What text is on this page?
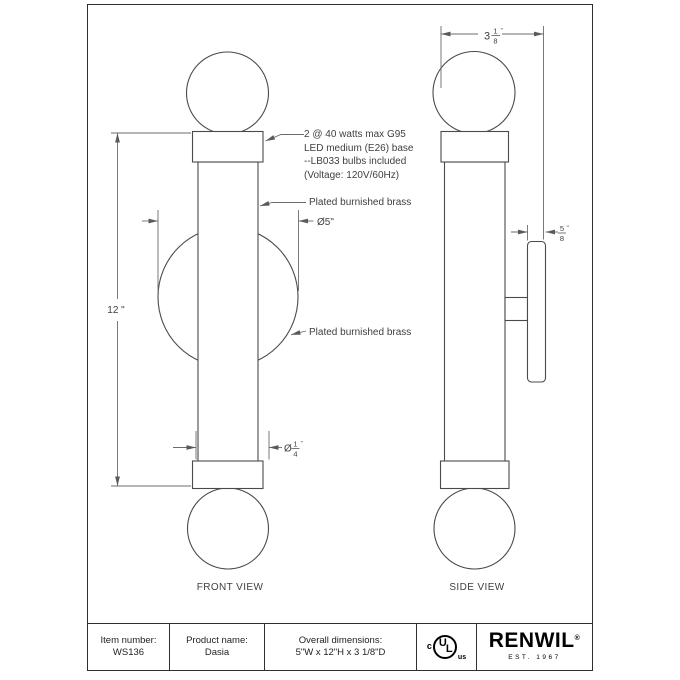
12 "
Ø5"
Ø 1 "
4
3 1 "
8
5 "
8
FRONT VIEW	SIDE VIEW
2 @ 40 watts max G95
LED medium (E26) base
--LB033 bulbs included
(Voltage: 120V/60Hz)
Plated burnished brass
Plated burnished brass
Item number:
WS136
Product name:
Dasia
Overall dimensions:
5"W x 12"H x 3 1/8"D
c U L
us
RENWIL®
EST. 1967
